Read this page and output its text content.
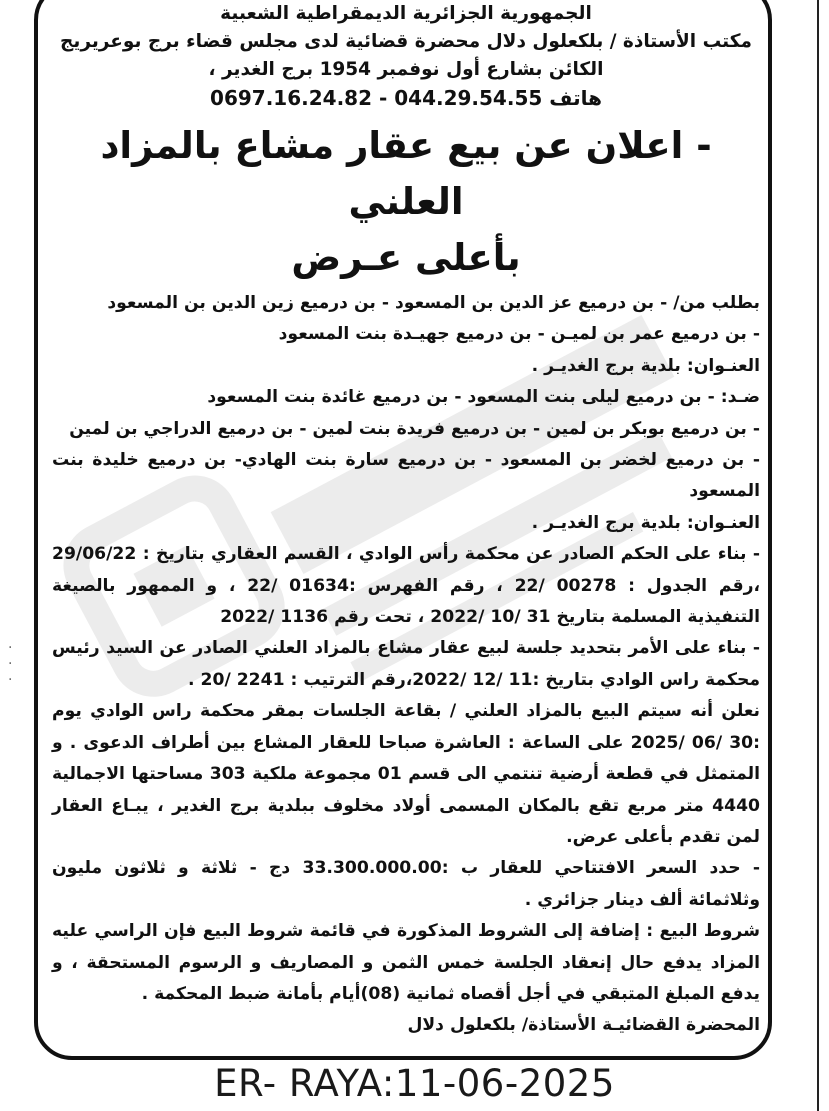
·
·
·
الجمهورية الجزائرية الديمقراطية الشعبية
مكتب الأستاذة / بلكعلول دلال محضرة قضائية لدى مجلس قضاء برج بوعريريج
الكائن بشارع أول نوفمبر 1954 برج الغدير ،
هاتف 044.29.54.55 - 0697.16.24.82
- اعلان عن بيع عقار مشاع بالمزاد العلني
بأعلى عـرض

بطلب من/ - بن درميع عز الدين بن المسعود - بن درميع زين الدين بن المسعود

- بن درميع عمر بن لميـن - بن درميع جهيـدة بنت المسعود

العنـوان: بلدية برج الغديـر .

ضـد: - بن درميع ليلى بنت المسعود - بن درميع غائدة بنت المسعود

- بن درميع بوبكر بن لمين - بن درميع فريدة بنت لمين - بن درميع الدراجي بن لمين

- بن درميع لخضر بن المسعود - بن درميع سارة بنت الهادي- بن درميع خليدة بنت المسعود

العنـوان: بلدية برج الغديـر .

- بناء على الحكم الصادر عن محكمة رأس الوادي ، القسم العقاري بتاريخ : 29/06/22 ،رقم الجدول : 00278 /22 ، رقم الفهرس :01634 /22 ، و الممهور بالصيغة التنفيذية المسلمة بتاريخ 31 /10 /2022 ، تحت رقم 1136 /2022

- بناء على الأمر بتحديد جلسة لبيع عقار مشاع بالمزاد العلني الصادر عن السيد رئيس محكمة راس الوادي بتاريخ :11 /12 /2022،رقم الترتيب : 2241 /20 .

نعلن أنه سيتم البيع بالمزاد العلني / بقاعة الجلسات بمقر محكمة راس الوادي يوم :30 /06 /2025 على الساعة : العاشرة صباحا للعقار المشاع بين أطراف الدعوى . و المتمثل في قطعة أرضية تنتمي الى قسم 01 مجموعة ملكية 303 مساحتها الاجمالية 4440 متر مربع تقع بالمكان المسمى أولاد مخلوف ببلدية برج الغدير ، يبـاع العقار لمن تقدم بأعلى عرض.

- حدد السعر الافتتاحي للعقار ب :33.300.000.00 دج - ثلاثة و ثلاثون مليون وثلاثمائة ألف دينار جزائري .

شروط البيع : إضافة إلى الشروط المذكورة في قائمة شروط البيع فإن الراسي عليه المزاد يدفع حال إنعقاد الجلسة خمس الثمن و المصاريف و الرسوم المستحقة ، و يدفع المبلغ المتبقي في أجل أقصاه ثمانية (08)أيام بأمانة ضبط المحكمة .

المحضرة القضائيـة الأستاذة/ بلكعلول دلال

ER- RAYA:11-06-2025
